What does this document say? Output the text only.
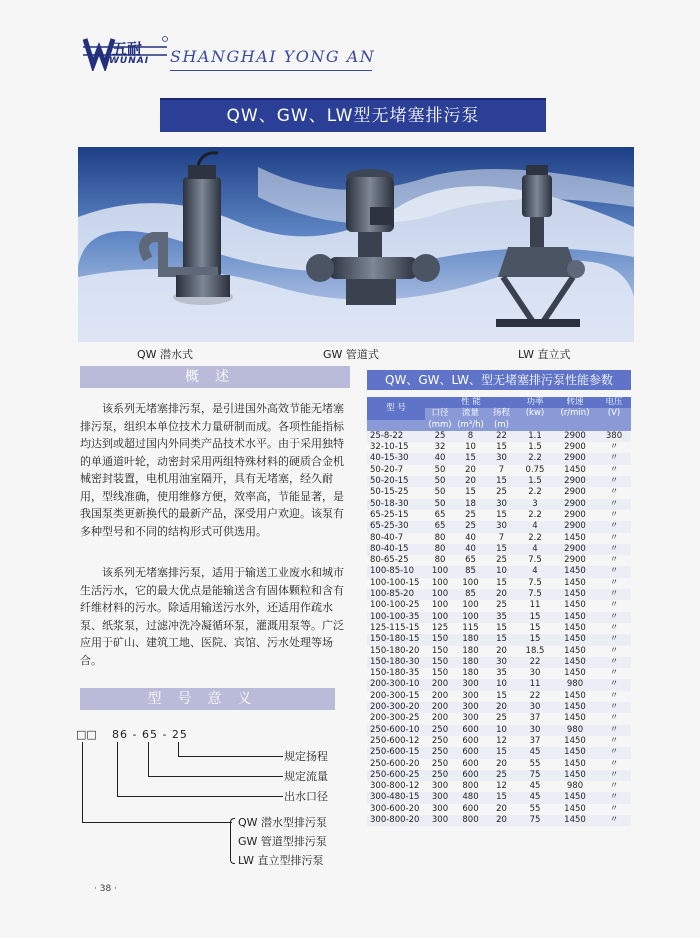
五耐
WUNAI SHANGHAI YONG AN
QW、GW、LW型无堵塞排污泵
QW 潜水式	GW 管道式	LW 直立式
概述
该系列无堵塞排污泵，是引进国外高效节能无堵塞排污泵，组织本单位技术力量研制而成。各项性能指标均达到或超过国内外同类产品技术水平。由于采用独特的单通道叶轮，动密封采用两组特殊材料的硬质合金机械密封装置，电机用油室隔开，具有无堵塞，经久耐用，型线准确，使用维修方便，效率高，节能显著，是我国泵类更新换代的最新产品，深受用户欢迎。该泵有多种型号和不同的结构形式可供选用。
该系列无堵塞排污泵，适用于输送工业废水和城市生活污水，它的最大优点是能输送含有固体颗粒和含有纤维材料的污水。除适用输送污水外，还适用作疏水泵、纸浆泵，过滤冲洗冷凝循环泵，灌溉用泵等。广泛应用于矿山、建筑工地、医院、宾馆、污水处理等场合。
型号意义
□□ 86 - 65 - 25
规定扬程
规定流量
出水口径
QW 潜水型排污泵
GW 管道型排污泵
LW 直立型排污泵
QW、GW、LW、型无堵塞排污泵性能参数
型 号	性 能			功率	转速	电压
	口径	流量	扬程	(kw)	(r/min)	(V)
	(mm)	(m³/h)	(m)			
25-8-22	25	8	22	1.1	2900	380
32-10-15	32	10	15	1.5	2900	〃
40-15-30	40	15	30	2.2	2900	〃
50-20-7	50	20	7	0.75	1450	〃
50-20-15	50	20	15	1.5	2900	〃
50-15-25	50	15	25	2.2	2900	〃
50-18-30	50	18	30	3	2900	〃
65-25-15	65	25	15	2.2	2900	〃
65-25-30	65	25	30	4	2900	〃
80-40-7	80	40	7	2.2	1450	〃
80-40-15	80	40	15	4	2900	〃
80-65-25	80	65	25	7.5	2900	〃
100-85-10	100	85	10	4	1450	〃
100-100-15	100	100	15	7.5	1450	〃
100-85-20	100	85	20	7.5	1450	〃
100-100-25	100	100	25	11	1450	〃
100-100-35	100	100	35	15	1450	〃
125-115-15	125	115	15	15	1450	〃
150-180-15	150	180	15	15	1450	〃
150-180-20	150	180	20	18.5	1450	〃
150-180-30	150	180	30	22	1450	〃
150-180-35	150	180	35	30	1450	〃
200-300-10	200	300	10	11	980	〃
200-300-15	200	300	15	22	1450	〃
200-300-20	200	300	20	30	1450	〃
200-300-25	200	300	25	37	1450	〃
250-600-10	250	600	10	30	980	〃
250-600-12	250	600	12	37	1450	〃
250-600-15	250	600	15	45	1450	〃
250-600-20	250	600	20	55	1450	〃
250-600-25	250	600	25	75	1450	〃
300-800-12	300	800	12	45	980	〃
300-480-15	300	480	15	45	1450	〃
300-600-20	300	600	20	55	1450	〃
300-800-20	300	800	20	75	1450	〃
· 38 ·
